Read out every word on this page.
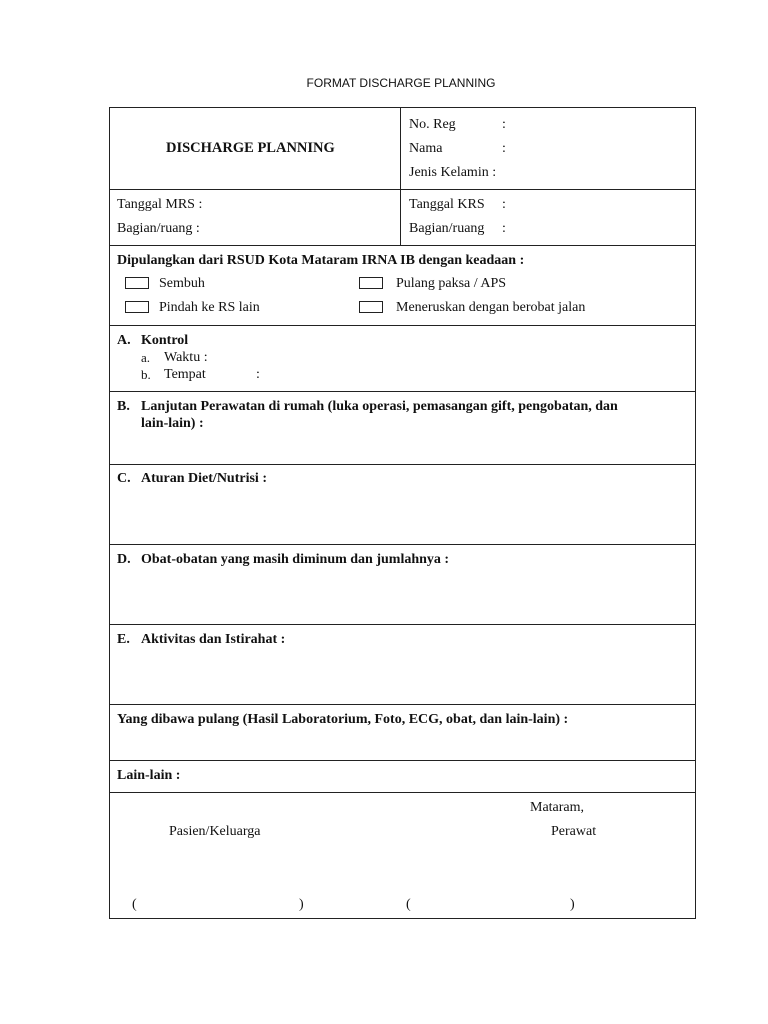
FORMAT DISCHARGE PLANNING
DISCHARGE PLANNING
No. Reg	:
Nama	:
Jenis Kelamin :
Tanggal MRS :
Bagian/ruang :
Tanggal KRS :
Bagian/ruang :
Dipulangkan dari RSUD Kota Mataram IRNA IB dengan keadaan :
Sembuh	Pulang paksa / APS
Pindah ke RS lain	Meneruskan dengan berobat jalan
A. Kontrol
a. Waktu :
b. Tempat	:
B. Lanjutan Perawatan di rumah (luka operasi, pemasangan gift, pengobatan, dan
lain-lain) :
C. Aturan Diet/Nutrisi :
D. Obat-obatan yang masih diminum dan jumlahnya :
E. Aktivitas dan Istirahat :
Yang dibawa pulang (Hasil Laboratorium, Foto, ECG, obat, dan lain-lain) :
Lain-lain :
Mataram,
Pasien/Keluarga	Perawat
(	)	(	)
